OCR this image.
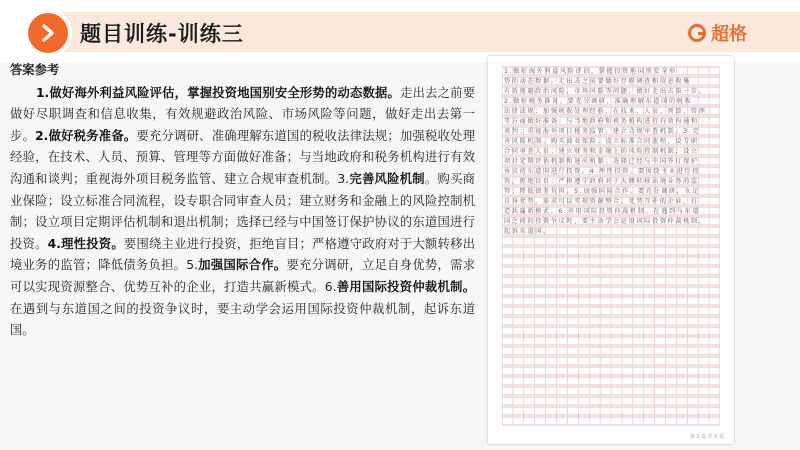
题目训练-训练三	超格
答案参考
1.做好海外利益风险评估，掌握投资地国别安全形势的动态数据。走出去之前要做好尽职调查和信息收集，有效规避政治风险、市场风险等问题，做好走出去第一步。2.做好税务准备。要充分调研、准确理解东道国的税收法律法规；加强税收处理经验，在技术、人员、预算、管理等方面做好准备；与当地政府和税务机构进行有效沟通和谈判；重视海外项目税务监管、建立合规审查机制。3.完善风险机制。购买商业保险；设立标准合同流程，设专职合同审查人员；建立财务和金融上的风险控制机制；设立项目定期评估机制和退出机制；选择已经与中国签订保护协议的东道国进行投资。4.理性投资。要围绕主业进行投资，拒绝盲目；严格遵守政府对于大额转移出境业务的监管；降低债务负担。5.加强国际合作。要充分调研，立足自身优势，需求可以实现资源整合、优势互补的企业，打造共赢新模式。6.善用国际投资仲裁机制。在遇到与东道国之间的投资争议时，要主动学会运用国际投资仲裁机制，起诉东道国。
1.做好海外利益风险评估，掌握投资地国别安全形
势的动态数据。走出去之前要做好尽职调查和信息收集
有效规避政治风险、市场风险等问题，做好走出去第一步。
2.做好税务准备。要充分调研、准确理解东道国的税收
法律法规；加强税收处理经验，在技术、人员、预算、管理
等方面做好准备；与当地政府和税务机构进行有效沟通和
谈判；重视海外项目税务监管，建立合规审查机制。3.完
善风险机制。购买商业保险；设立标准合同流程，设专职
合同审查人员；建立财务和金融上的风险控制机制；设立
项目定期评估机制和退出机制；选择已经与中国签订保护
协议的东道国进行投资。4.理性投资。要围绕主业进行投
资，拒绝盲目；严格遵守政府对于大额转移出境业务的监
管；降低债务负担。5.加强国际合作。要充分调研，立足
自身优势，需求可以实现资源整合、优势互补的企业，打
造共赢新模式。6.善用国际投资仲裁机制。在遇到与东道
国之间的投资争议时，要主动学会运用国际投资仲裁机制，
起诉东道国。
第 1 页 共 1 页
